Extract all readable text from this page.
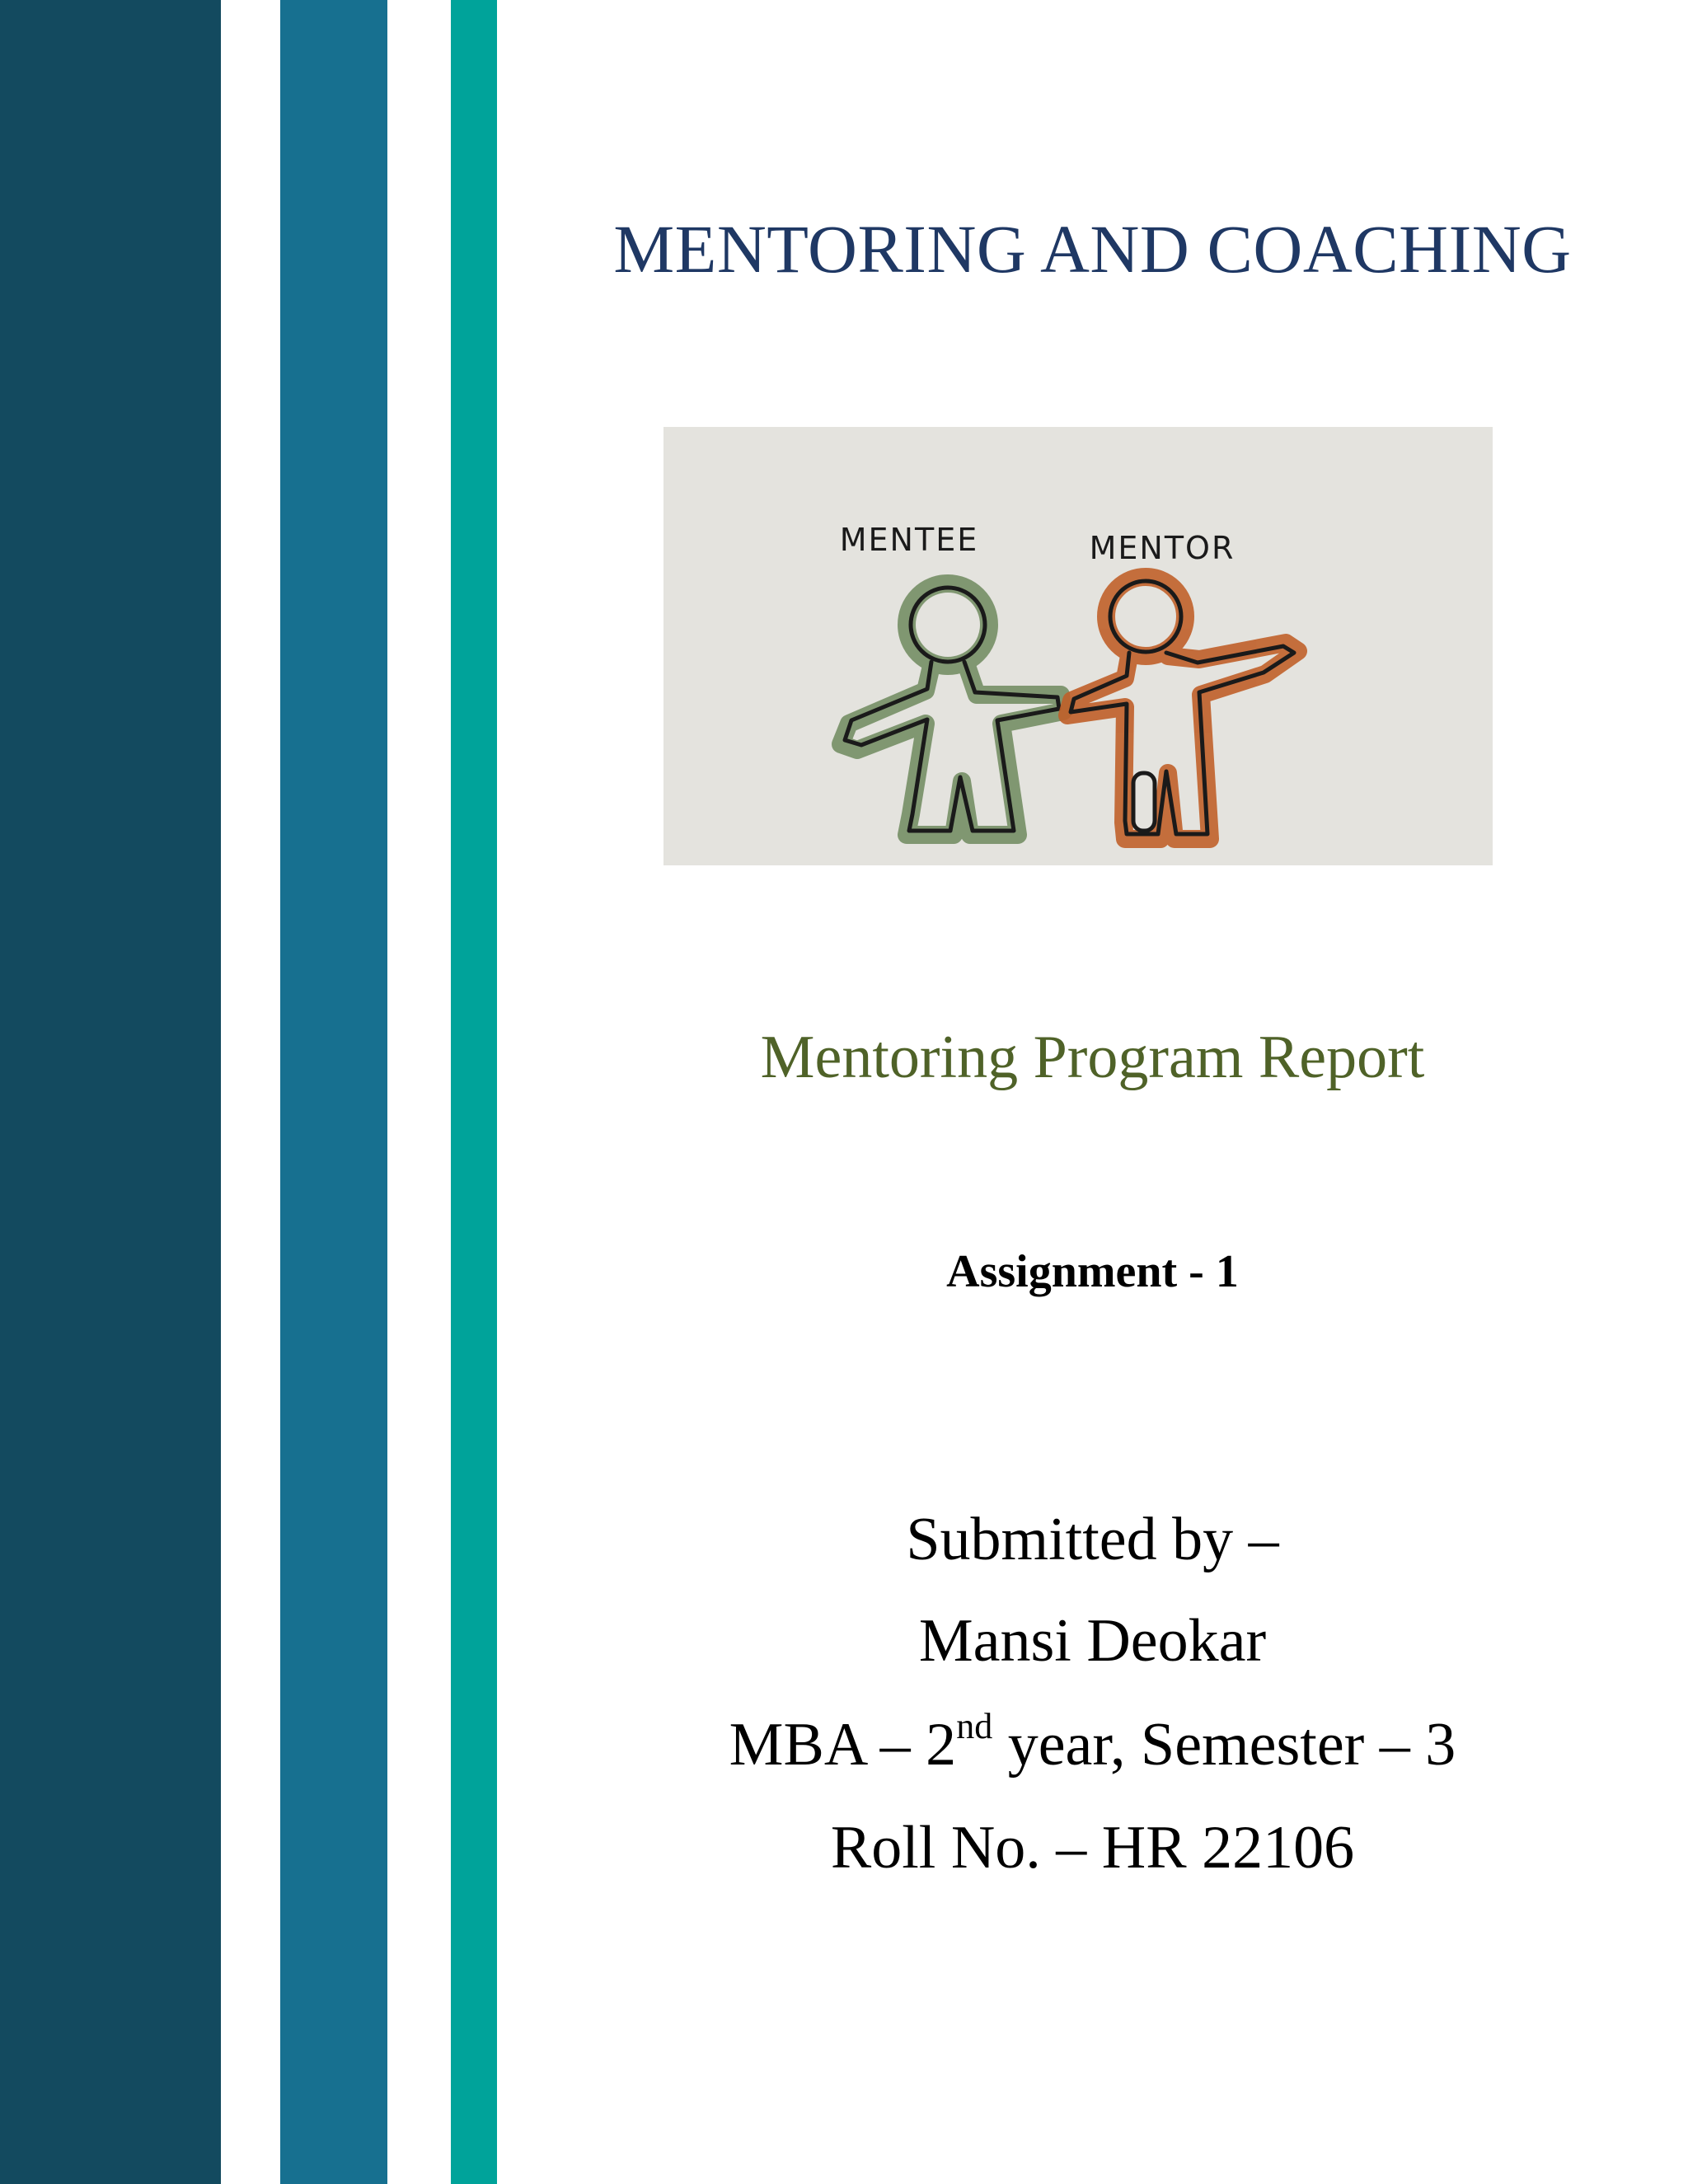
MENTORING AND COACHING
MENTEE	MENTOR
Mentoring Program Report
Assignment - 1
Submitted by –
Mansi Deokar
MBA – 2nd year, Semester – 3
Roll No. – HR 22106
